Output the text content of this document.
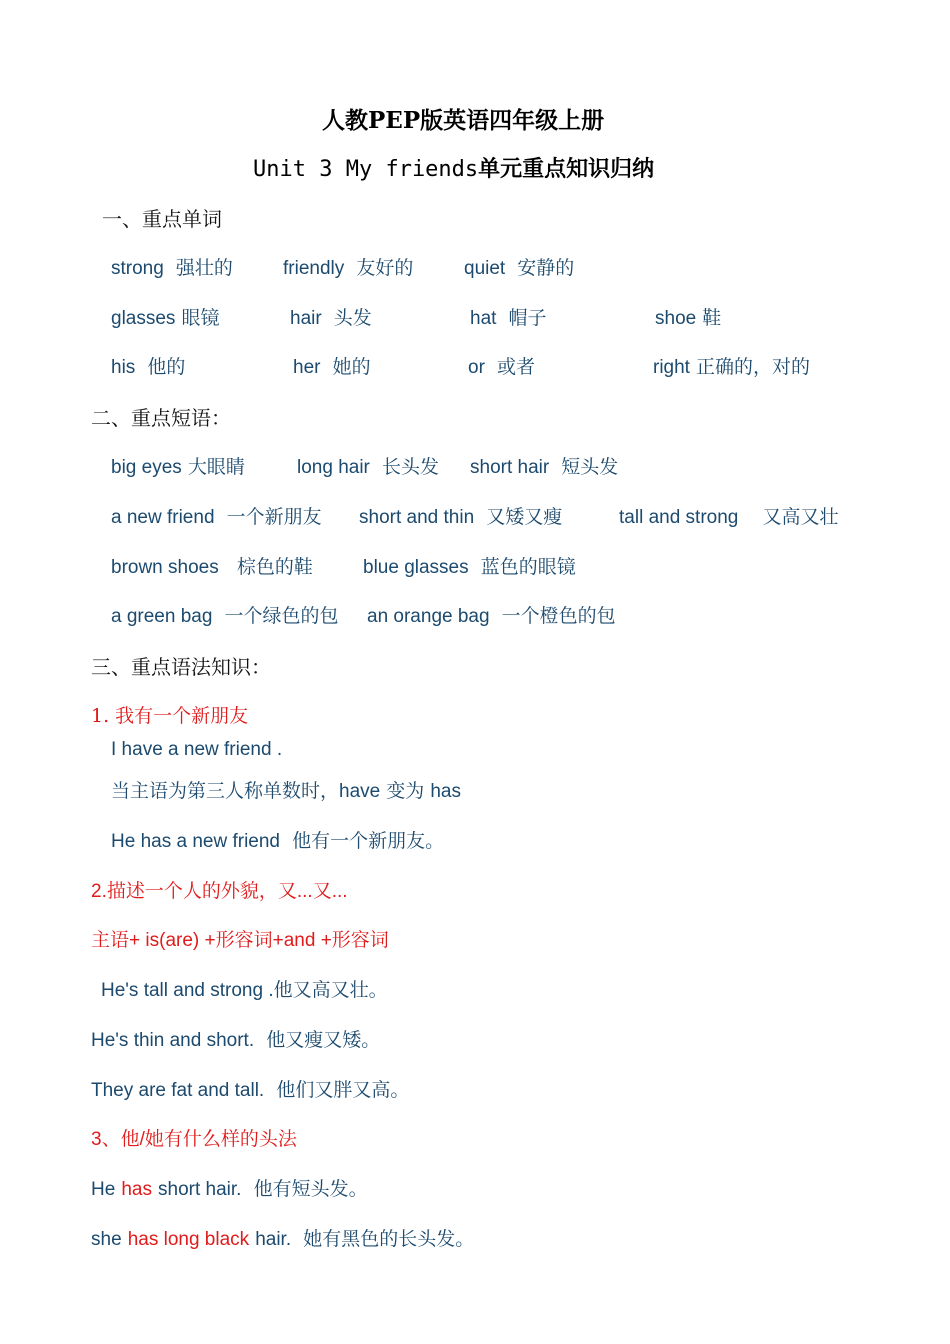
人教PEP版英语四年级上册
Unit 3 My friends单元重点知识归纳
一、重点单词
strong 强壮的	friendly 友好的	quiet 安静的
glasses 眼镜	hair 头发	hat 帽子	shoe 鞋
his 他的	her 她的	or 或者	right 正确的，对的
二、重点短语：
big eyes 大眼睛	long hair 长头发 short hair 短头发
a new friend 一个新朋友 short and thin 又矮又瘦	tall and strong 又高又壮
brown shoes 棕色的鞋	blue glasses 蓝色的眼镜
a green bag 一个绿色的包 an orange bag 一个橙色的包
三、重点语法知识：
1. 我有一个新朋友
I have a new friend .
当主语为第三人称单数时，have 变为 has
He has a new friend 他有一个新朋友。
2.描述一个人的外貌，又...又...
主语+ is(are) +形容词+and +形容词
He's tall and strong .他又高又壮。
He's thin and short. 他又瘦又矮。
They are fat and tall. 他们又胖又高。
3、他/她有什么样的头法
He has short hair. 他有短头发。
she has long black hair. 她有黑色的长头发。
